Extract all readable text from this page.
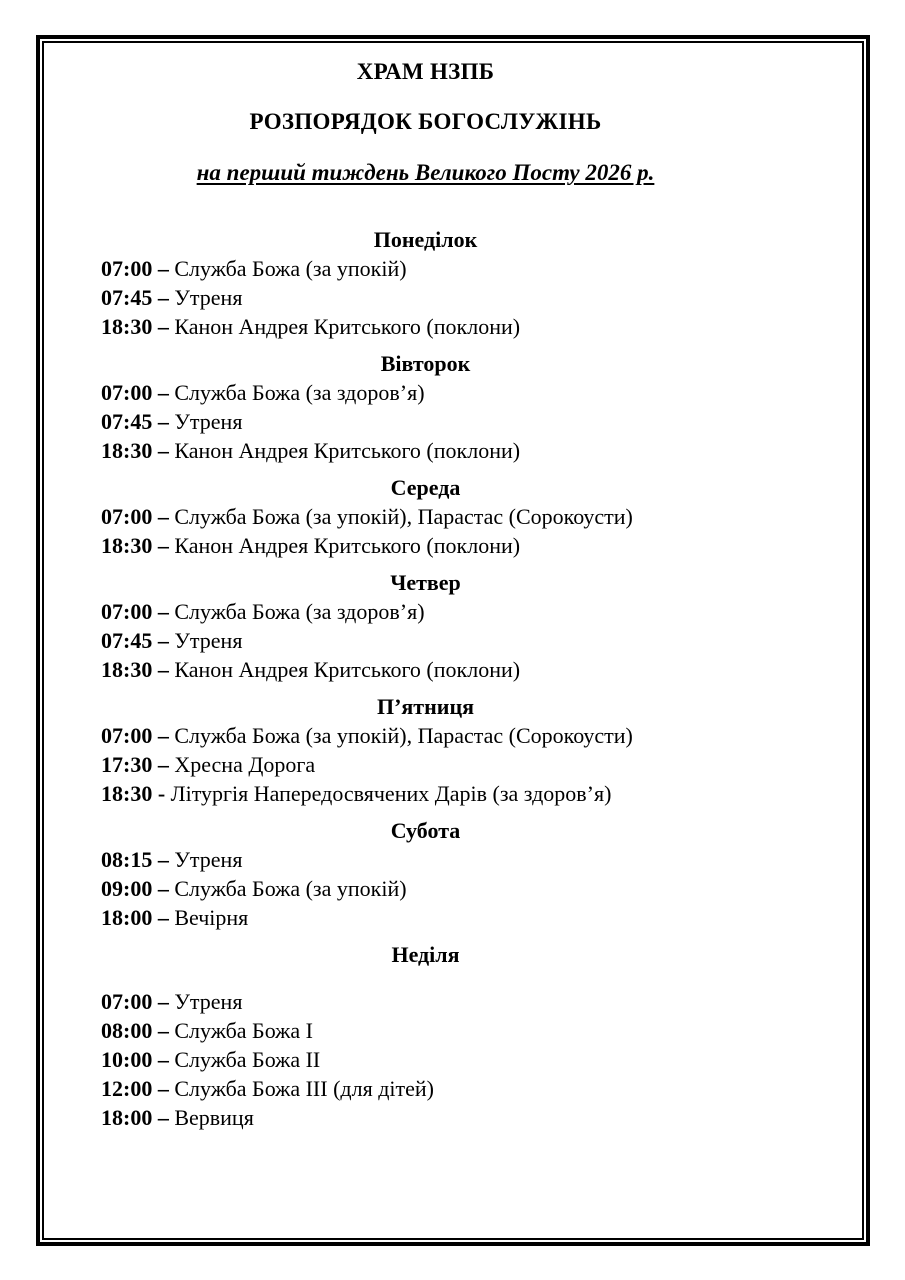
ХРАМ НЗПБ
РОЗПОРЯДОК БОГОСЛУЖІНЬ
на перший тиждень Великого Посту 2026 р.
Понеділок

07:00 – Служба Божа (за упокій)

07:45 – Утреня

18:30 – Канон Андрея Критського (поклони)

Вівторок

07:00 – Служба Божа (за здоров’я)

07:45 – Утреня

18:30 – Канон Андрея Критського (поклони)

Середа

07:00 – Служба Божа (за упокій), Парастас (Сорокоусти)

18:30 – Канон Андрея Критського (поклони)

Четвер

07:00 – Служба Божа (за здоров’я)

07:45 – Утреня

18:30 – Канон Андрея Критського (поклони)

П’ятниця

07:00 – Служба Божа (за упокій), Парастас (Сорокоусти)

17:30 – Хресна Дорога

18:30 - Літургія Напередосвячених Дарів (за здоров’я)

Субота

08:15 – Утреня

09:00 – Служба Божа (за упокій)

18:00 – Вечірня

Неділя

07:00 – Утреня

08:00 – Служба Божа I

10:00 – Служба Божа II

12:00 – Служба Божа III (для дітей)

18:00 – Вервиця
